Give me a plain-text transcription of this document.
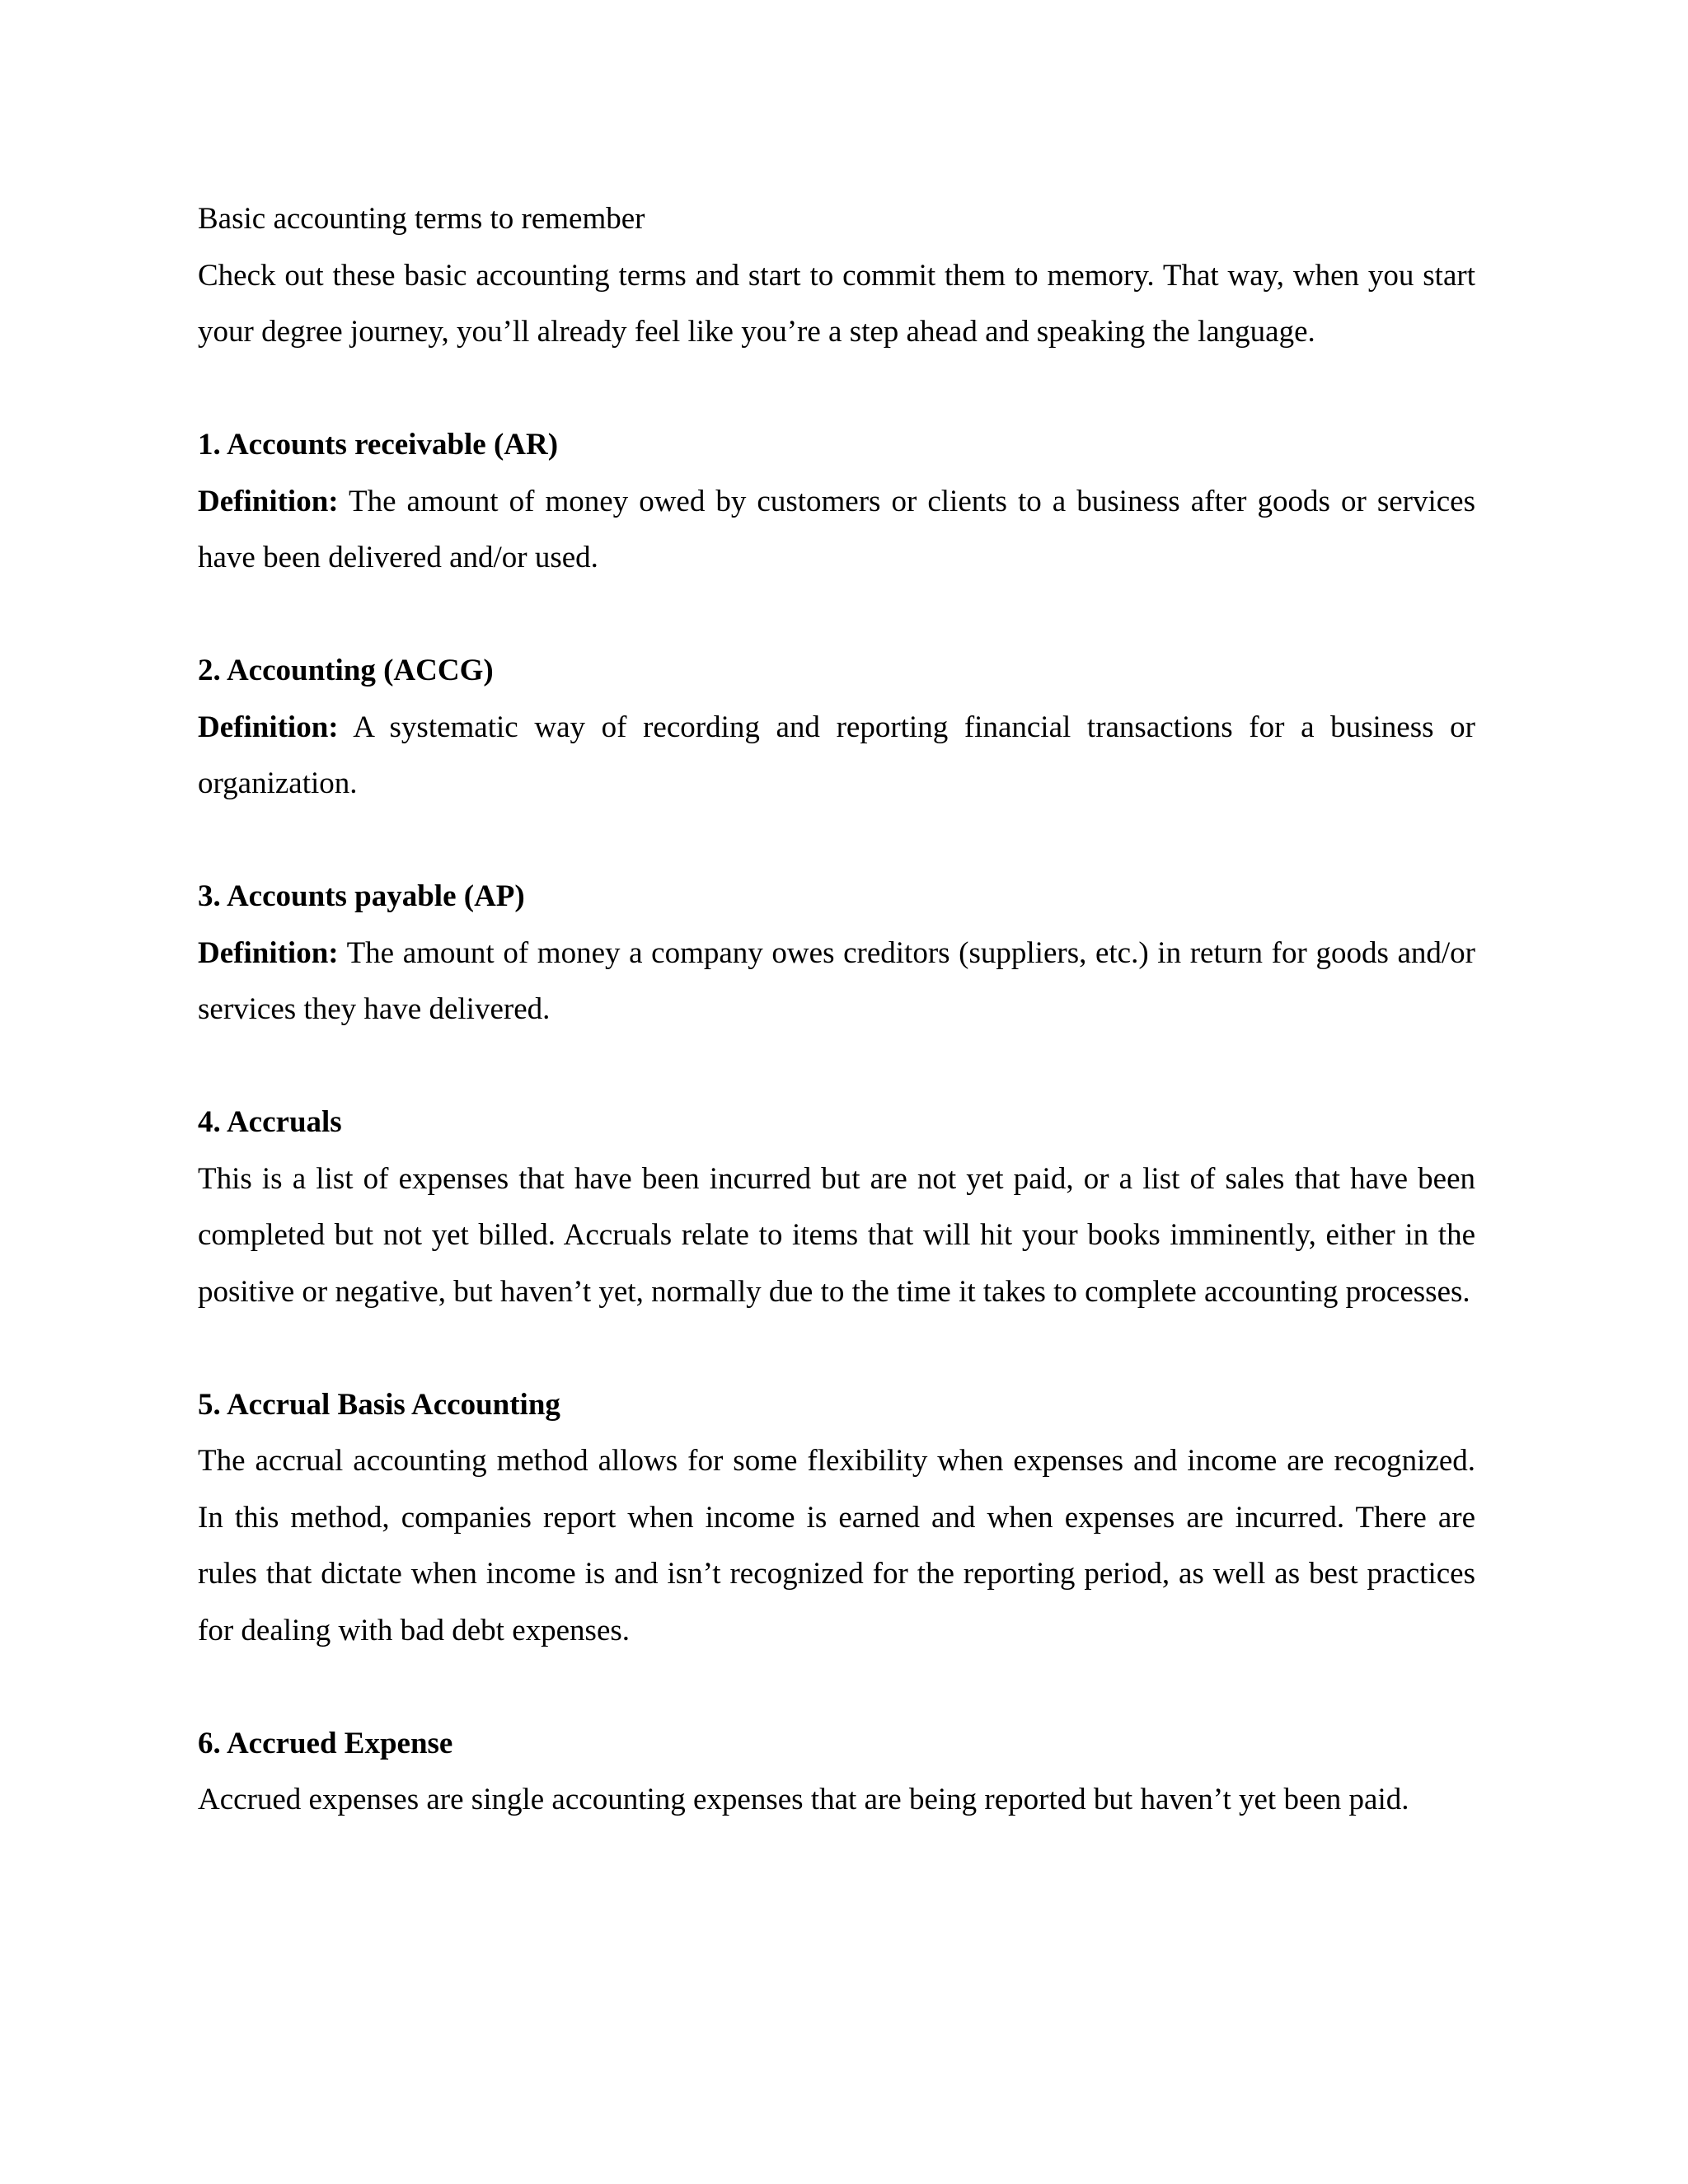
Basic accounting terms to remember

Check out these basic accounting terms and start to commit them to memory. That way, when you start your degree journey, you’ll already feel like you’re a step ahead and speaking the language.

1. Accounts receivable (AR)

Definition: The amount of money owed by customers or clients to a business after goods or services have been delivered and/or used.

2. Accounting (ACCG)

Definition: A systematic way of recording and reporting financial transactions for a business or organization.

3. Accounts payable (AP)

Definition: The amount of money a company owes creditors (suppliers, etc.) in return for goods and/or services they have delivered.

4. Accruals

This is a list of expenses that have been incurred but are not yet paid, or a list of sales that have been completed but not yet billed. Accruals relate to items that will hit your books imminently, either in the positive or negative, but haven’t yet, normally due to the time it takes to complete accounting processes.

5. Accrual Basis Accounting

The accrual accounting method allows for some flexibility when expenses and income are recognized. In this method, companies report when income is earned and when expenses are incurred. There are rules that dictate when income is and isn’t recognized for the reporting period, as well as best practices for dealing with bad debt expenses.

6. Accrued Expense

Accrued expenses are single accounting expenses that are being reported but haven’t yet been paid.
